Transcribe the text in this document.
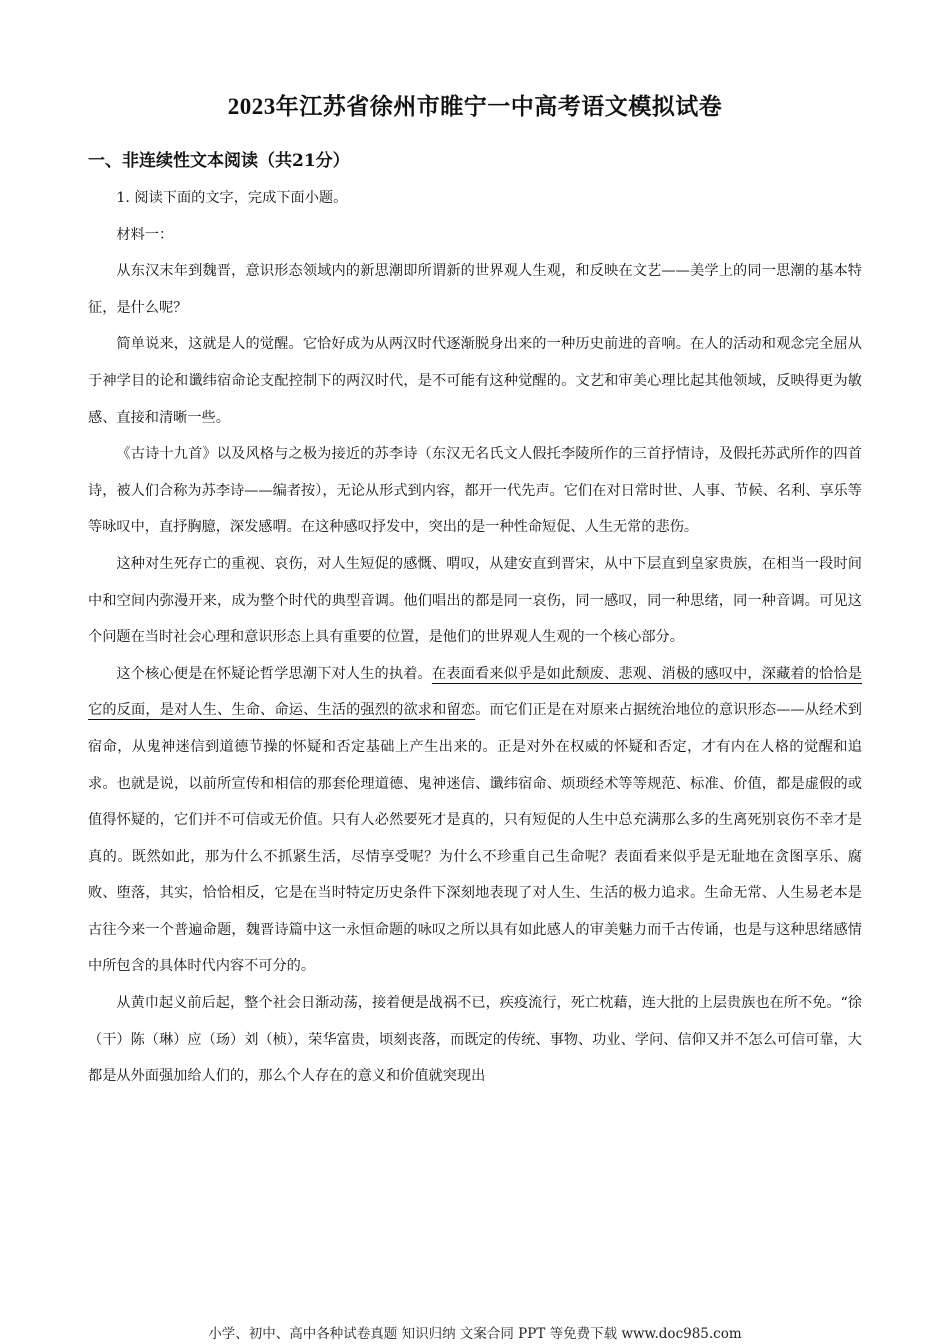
2023年江苏省徐州市睢宁一中高考语文模拟试卷
一、非连续性文本阅读（共21分）

1. 阅读下面的文字，完成下面小题。

材料一：

从东汉末年到魏晋，意识形态领域内的新思潮即所谓新的世界观人生观，和反映在文艺——美学上的同一思潮的基本特征，是什么呢？

简单说来，这就是人的觉醒。它恰好成为从两汉时代逐渐脱身出来的一种历史前进的音响。在人的活动和观念完全屈从于神学目的论和谶纬宿命论支配控制下的两汉时代，是不可能有这种觉醒的。文艺和审美心理比起其他领域，反映得更为敏感、直接和清晰一些。

《古诗十九首》以及风格与之极为接近的苏李诗（东汉无名氏文人假托李陵所作的三首抒情诗，及假托苏武所作的四首诗，被人们合称为苏李诗——编者按），无论从形式到内容，都开一代先声。它们在对日常时世、人事、节候、名利、享乐等等咏叹中，直抒胸臆，深发感喟。在这种感叹抒发中，突出的是一种性命短促、人生无常的悲伤。

这种对生死存亡的重视、哀伤，对人生短促的感慨、喟叹，从建安直到晋宋，从中下层直到皇家贵族，在相当一段时间中和空间内弥漫开来，成为整个时代的典型音调。他们唱出的都是同一哀伤，同一感叹，同一种思绪，同一种音调。可见这个问题在当时社会心理和意识形态上具有重要的位置，是他们的世界观人生观的一个核心部分。

这个核心便是在怀疑论哲学思潮下对人生的执着。在表面看来似乎是如此颓废、悲观、消极的感叹中，深藏着的恰恰是它的反面，是对人生、生命、命运、生活的强烈的欲求和留恋。而它们正是在对原来占据统治地位的意识形态——从经术到宿命，从鬼神迷信到道德节操的怀疑和否定基础上产生出来的。正是对外在权威的怀疑和否定，才有内在人格的觉醒和追求。也就是说，以前所宣传和相信的那套伦理道德、鬼神迷信、谶纬宿命、烦琐经术等等规范、标准、价值，都是虚假的或值得怀疑的，它们并不可信或无价值。只有人必然要死才是真的，只有短促的人生中总充满那么多的生离死别哀伤不幸才是真的。既然如此，那为什么不抓紧生活，尽情享受呢？为什么不珍重自己生命呢？表面看来似乎是无耻地在贪图享乐、腐败、堕落，其实，恰恰相反，它是在当时特定历史条件下深刻地表现了对人生、生活的极力追求。生命无常、人生易老本是古往今来一个普遍命题，魏晋诗篇中这一永恒命题的咏叹之所以具有如此感人的审美魅力而千古传诵，也是与这种思绪感情中所包含的具体时代内容不可分的。

从黄巾起义前后起，整个社会日渐动荡，接着便是战祸不已，疾疫流行，死亡枕藉，连大批的上层贵族也在所不免。“徐（干）陈（琳）应（玚）刘（桢），荣华富贵，顷刻丧落，而既定的传统、事物、功业、学问、信仰又并不怎么可信可靠，大都是从外面强加给人们的，那么个人存在的意义和价值就突现出

小学、初中、高中各种试卷真题 知识归纳 文案合同 PPT 等免费下载 www.doc985.com
